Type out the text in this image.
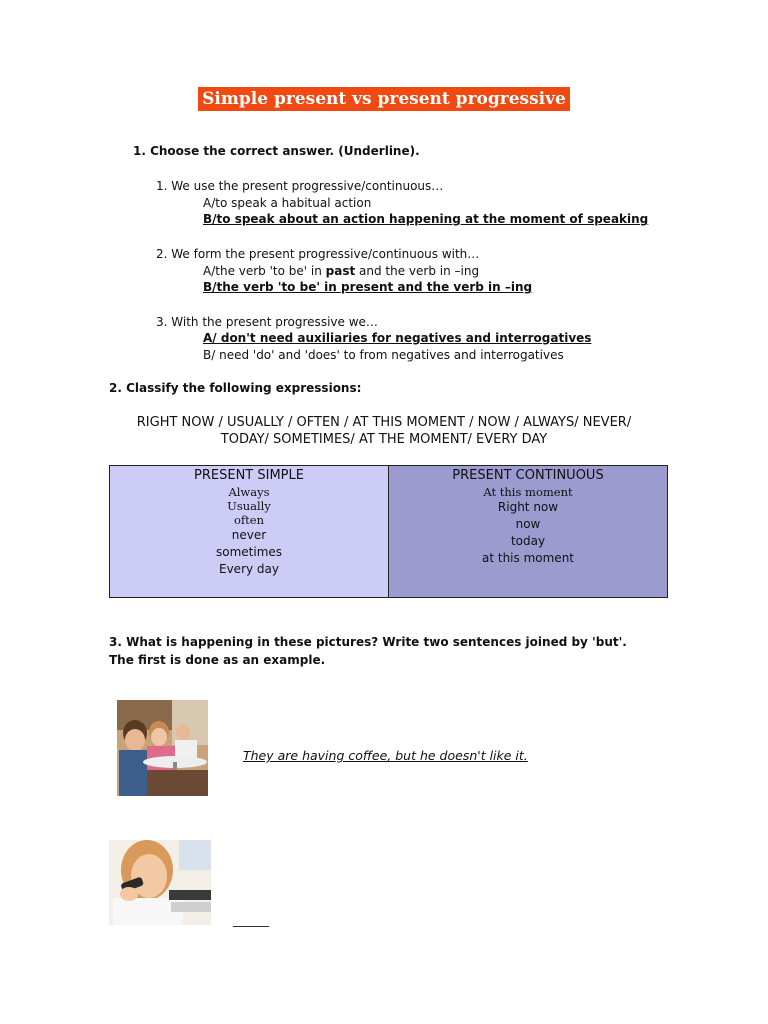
Simple present vs present progressive
1. Choose the correct answer. (Underline).
1. We use the present progressive/continuous…
A/to speak a habitual action
B/to speak about an action happening at the moment of speaking
2. We form the present progressive/continuous with…
A/the verb 'to be' in past and the verb in –ing
B/the verb 'to be' in present and the verb in –ing
3. With the present progressive we…
A/ don't need auxiliaries for negatives and interrogatives
B/ need 'do' and 'does' to from negatives and interrogatives
2. Classify the following expressions:
RIGHT NOW / USUALLY / OFTEN / AT THIS MOMENT / NOW / ALWAYS/ NEVER/
TODAY/ SOMETIMES/ AT THE MOMENT/ EVERY DAY
PRESENT SIMPLE
Always
Usually
often
never
sometimes
Every day
PRESENT CONTINUOUS
At this moment
Right now
now
today
at this moment
3. What is happening in these pictures? Write two sentences joined by 'but'. The first is done as an example.
They are having coffee, but he doesn't like it.
______
